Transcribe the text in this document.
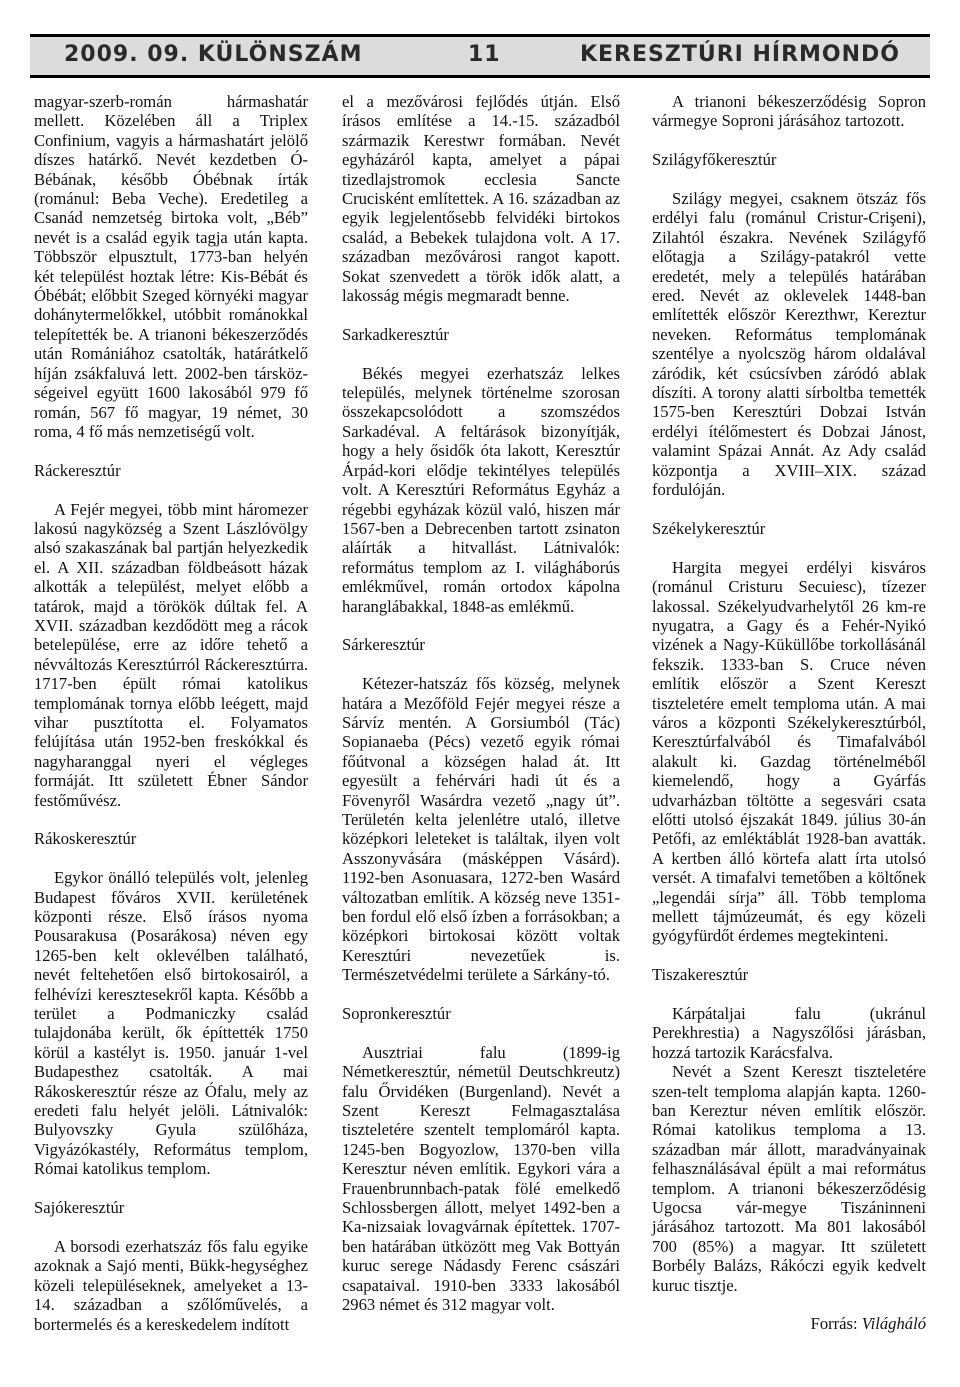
2009. 09. KÜLÖNSZÁM	11	KERESZTÚRI HÍRMONDÓ

magyar-szerb-román hármashatár mellett. Közelében áll a Triplex Confinium, vagyis a hármashatárt jelölő díszes határkő. Nevét kezdetben Ó-Bébának, később Óbébnak írták (románul: Beba Veche). Eredetileg a Csanád nemzetség birtoka volt, „Béb” nevét is a család egyik tagja után kapta. Többször elpusztult, 1773-ban helyén két települést hoztak létre: Kis-Bébát és Óbébát; előbbit Szeged környéki magyar dohánytermelőkkel, utóbbit románokkal telepítették be. A trianoni békeszerződés után Romániához csatolták, határátkelő híján zsákfaluvá lett. 2002-ben társköz-ségeivel együtt 1600 lakosából 979 fő román, 567 fő magyar, 19 német, 30 roma, 4 fő más nemzetiségű volt.

Ráckeresztúr

A Fejér megyei, több mint háromezer lakosú nagyközség a Szent Lászlóvölgy alsó szakaszának bal partján helyezkedik el. A XII. században földbeásott házak alkották a települést, melyet előbb a tatárok, majd a törökök dúltak fel. A XVII. században kezdődött meg a rácok betelepülése, erre az időre tehető a névváltozás Keresztúrról Ráckeresztúrra. 1717-ben épült római katolikus templomának tornya előbb leégett, majd vihar pusztította el. Folyamatos felújítása után 1952-ben freskókkal és nagyharanggal nyeri el végleges formáját. Itt született Ébner Sándor festőművész.

Rákoskeresztúr

Egykor önálló település volt, jelenleg Budapest főváros XVII. kerületének központi része. Első írásos nyoma Pousarakusa (Posarákosa) néven egy 1265-ben kelt oklevélben található, nevét feltehetően első birtokosairól, a felhévízi keresztesekről kapta. Később a terület a Podmaniczky család tulajdonába került, ők építtették 1750 körül a kastélyt is. 1950. január 1-vel Budapesthez csatolták. A mai Rákoskeresztúr része az Ófalu, mely az eredeti falu helyét jelöli. Látnivalók: Bulyovszky Gyula szülőháza, Vigyázókastély, Református templom, Római katolikus templom.

Sajókeresztúr

A borsodi ezerhatszáz fős falu egyike azoknak a Sajó menti, Bükk-hegységhez közeli településeknek, amelyeket a 13-14. században a szőlőművelés, a bortermelés és a kereskedelem indított

el a mezővárosi fejlődés útján. Első írásos említése a 14.-15. századból származik Kerestwr formában. Nevét egyházáról kapta, amelyet a pápai tizedlajstromok ecclesia Sancte Crucisként említettek. A 16. században az egyik legjelentősebb felvidéki birtokos család, a Bebekek tulajdona volt. A 17. században mezővárosi rangot kapott. Sokat szenvedett a török idők alatt, a lakosság mégis megmaradt benne.

Sarkadkeresztúr

Békés megyei ezerhatszáz lelkes település, melynek történelme szorosan összekapcsolódott a szomszédos Sarkadéval. A feltárások bizonyítják, hogy a hely ősidők óta lakott, Keresztúr Árpád-kori elődje tekintélyes település volt. A Keresztúri Református Egyház a régebbi egyházak közül való, hiszen már 1567-ben a Debrecenben tartott zsinaton aláírták a hitvallást. Látnivalók: református templom az I. világháborús emlékművel, román ortodox kápolna haranglábakkal, 1848-as emlékmű.

Sárkeresztúr

Kétezer-hatszáz fős község, melynek határa a Mezőföld Fejér megyei része a Sárvíz mentén. A Gorsiumból (Tác) Sopianaeba (Pécs) vezető egyik római főútvonal a községen halad át. Itt egyesült a fehérvári hadi út és a Fövenyről Wasárdra vezető „nagy út”. Területén kelta jelenlétre utaló, illetve középkori leleteket is találtak, ilyen volt Asszonyvására (másképpen Vásárd). 1192-ben Asonuasara, 1272-ben Wasárd változatban említik. A község neve 1351-ben fordul elő első ízben a forrásokban; a középkori birtokosai között voltak Keresztúri nevezetűek is. Természetvédelmi területe a Sárkány-tó.

Sopronkeresztúr

Ausztriai falu (1899-ig Németkeresztúr, németül Deutschkreutz) falu Őrvidéken (Burgenland). Nevét a Szent Kereszt Felmagasztalása tiszteletére szentelt templomáról kapta. 1245-ben Bogyozlow, 1370-ben villa Keresztur néven említik. Egykori vára a Frauenbrunnbach-patak fölé emelkedő Schlossbergen állott, melyet 1492-ben a Ka-nizsaiak lovagvárnak építettek. 1707-ben határában ütközött meg Vak Bottyán kuruc serege Nádasdy Ferenc császári csapataival. 1910-ben 3333 lakosából 2963 német és 312 magyar volt.

A trianoni békeszerződésig Sopron vármegye Soproni járásához tartozott.

Szilágyfőkeresztúr

Szilágy megyei, csaknem ötszáz fős erdélyi falu (románul Cristur-Crişeni), Zilahtól északra. Nevének Szilágyfő előtagja a Szilágy-patakról vette eredetét, mely a település határában ered. Nevét az oklevelek 1448-ban említették először Kerezthwr, Kereztur neveken. Református templomának szentélye a nyolcszög három oldalával záródik, két csúcsívben záródó ablak díszíti. A torony alatti sírboltba temették 1575-ben Keresztúri Dobzai István erdélyi ítélőmestert és Dobzai Jánost, valamint Spázai Annát. Az Ady család központja a XVIII–XIX. század fordulóján.

Székelykeresztúr

Hargita megyei erdélyi kisváros (románul Cristuru Secuiesc), tízezer lakossal. Székelyudvarhelytől 26 km-re nyugatra, a Gagy és a Fehér-Nyikó vizének a Nagy-Küküllőbe torkollásánál fekszik. 1333-ban S. Cruce néven említik először a Szent Kereszt tiszteletére emelt temploma után. A mai város a központi Székelykeresztúrból, Keresztúrfalvából és Timafalvából alakult ki. Gazdag történelméből kiemelendő, hogy a Gyárfás udvarházban töltötte a segesvári csata előtti utolsó éjszakát 1849. július 30-án Petőfi, az emléktáblát 1928-ban avatták. A kertben álló körtefa alatt írta utolsó versét. A timafalvi temetőben a költőnek „legendái sírja” áll. Több temploma mellett tájmúzeumát, és egy közeli gyógyfürdőt érdemes megtekinteni.

Tiszakeresztúr

Kárpátaljai falu (ukránul Perekhrestia) a Nagyszőlősi járásban, hozzá tartozik Karácsfalva.

Nevét a Szent Kereszt tiszteletére szen-telt temploma alapján kapta. 1260-ban Kereztur néven említik először. Római katolikus temploma a 13. században már állott, maradványainak felhasználásával épült a mai református templom. A trianoni békeszerződésig Ugocsa vár-megye Tiszáninneni járásához tartozott. Ma 801 lakosából 700 (85%) a magyar. Itt született Borbély Balázs, Rákóczi egyik kedvelt kuruc tisztje.

Forrás: Világháló
